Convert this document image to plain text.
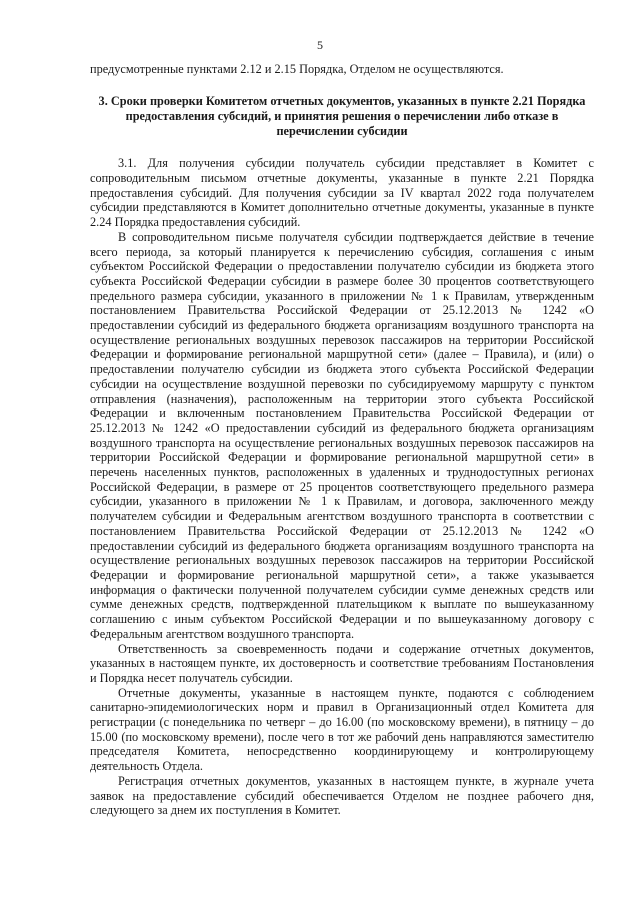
5

предусмотренные пунктами 2.12 и 2.15 Порядка, Отделом не осуществляются.

3. Сроки проверки Комитетом отчетных документов, указанных в пункте 2.21 Порядка предоставления субсидий, и принятия решения о перечислении либо отказе в перечислении субсидии

3.1. Для получения субсидии получатель субсидии представляет в Комитет с сопроводительным письмом отчетные документы, указанные в пункте 2.21 Порядка предоставления субсидий. Для получения субсидии за IV квартал 2022 года получателем субсидии представляются в Комитет дополнительно отчетные документы, указанные в пункте 2.24 Порядка предоставления субсидий.

В сопроводительном письме получателя субсидии подтверждается действие в течение всего периода, за который планируется к перечислению субсидия, соглашения с иным субъектом Российской Федерации о предоставлении получателю субсидии из бюджета этого субъекта Российской Федерации субсидии в размере более 30 процентов соответствующего предельного размера субсидии, указанного в приложении № 1 к Правилам, утвержденным постановлением Правительства Российской Федерации от 25.12.2013 № 1242 «О предоставлении субсидий из федерального бюджета организациям воздушного транспорта на осуществление региональных воздушных перевозок пассажиров на территории Российской Федерации и формирование региональной маршрутной сети» (далее – Правила), и (или) о предоставлении получателю субсидии из бюджета этого субъекта Российской Федерации субсидии на осуществление воздушной перевозки по субсидируемому маршруту с пунктом отправления (назначения), расположенным на территории этого субъекта Российской Федерации и включенным постановлением Правительства Российской Федерации от 25.12.2013 № 1242 «О предоставлении субсидий из федерального бюджета организациям воздушного транспорта на осуществление региональных воздушных перевозок пассажиров на территории Российской Федерации и формирование региональной маршрутной сети» в перечень населенных пунктов, расположенных в удаленных и труднодоступных регионах Российской Федерации, в размере от 25 процентов соответствующего предельного размера субсидии, указанного в приложении № 1 к Правилам, и договора, заключенного между получателем субсидии и Федеральным агентством воздушного транспорта в соответствии с постановлением Правительства Российской Федерации от 25.12.2013 № 1242 «О предоставлении субсидий из федерального бюджета организациям воздушного транспорта на осуществление региональных воздушных перевозок пассажиров на территории Российской Федерации и формирование региональной маршрутной сети», а также указывается информация о фактически полученной получателем субсидии сумме денежных средств или сумме денежных средств, подтвержденной плательщиком к выплате по вышеуказанному соглашению с иным субъектом Российской Федерации и по вышеуказанному договору с Федеральным агентством воздушного транспорта.

Ответственность за своевременность подачи и содержание отчетных документов, указанных в настоящем пункте, их достоверность и соответствие требованиям Постановления и Порядка несет получатель субсидии.

Отчетные документы, указанные в настоящем пункте, подаются с соблюдением санитарно-эпидемиологических норм и правил в Организационный отдел Комитета для регистрации (с понедельника по четверг – до 16.00 (по московскому времени), в пятницу – до 15.00 (по московскому времени), после чего в тот же рабочий день направляются заместителю председателя Комитета, непосредственно координирующему и контролирующему деятельность Отдела.

Регистрация отчетных документов, указанных в настоящем пункте, в журнале учета заявок на предоставление субсидий обеспечивается Отделом не позднее рабочего дня, следующего за днем их поступления в Комитет.
